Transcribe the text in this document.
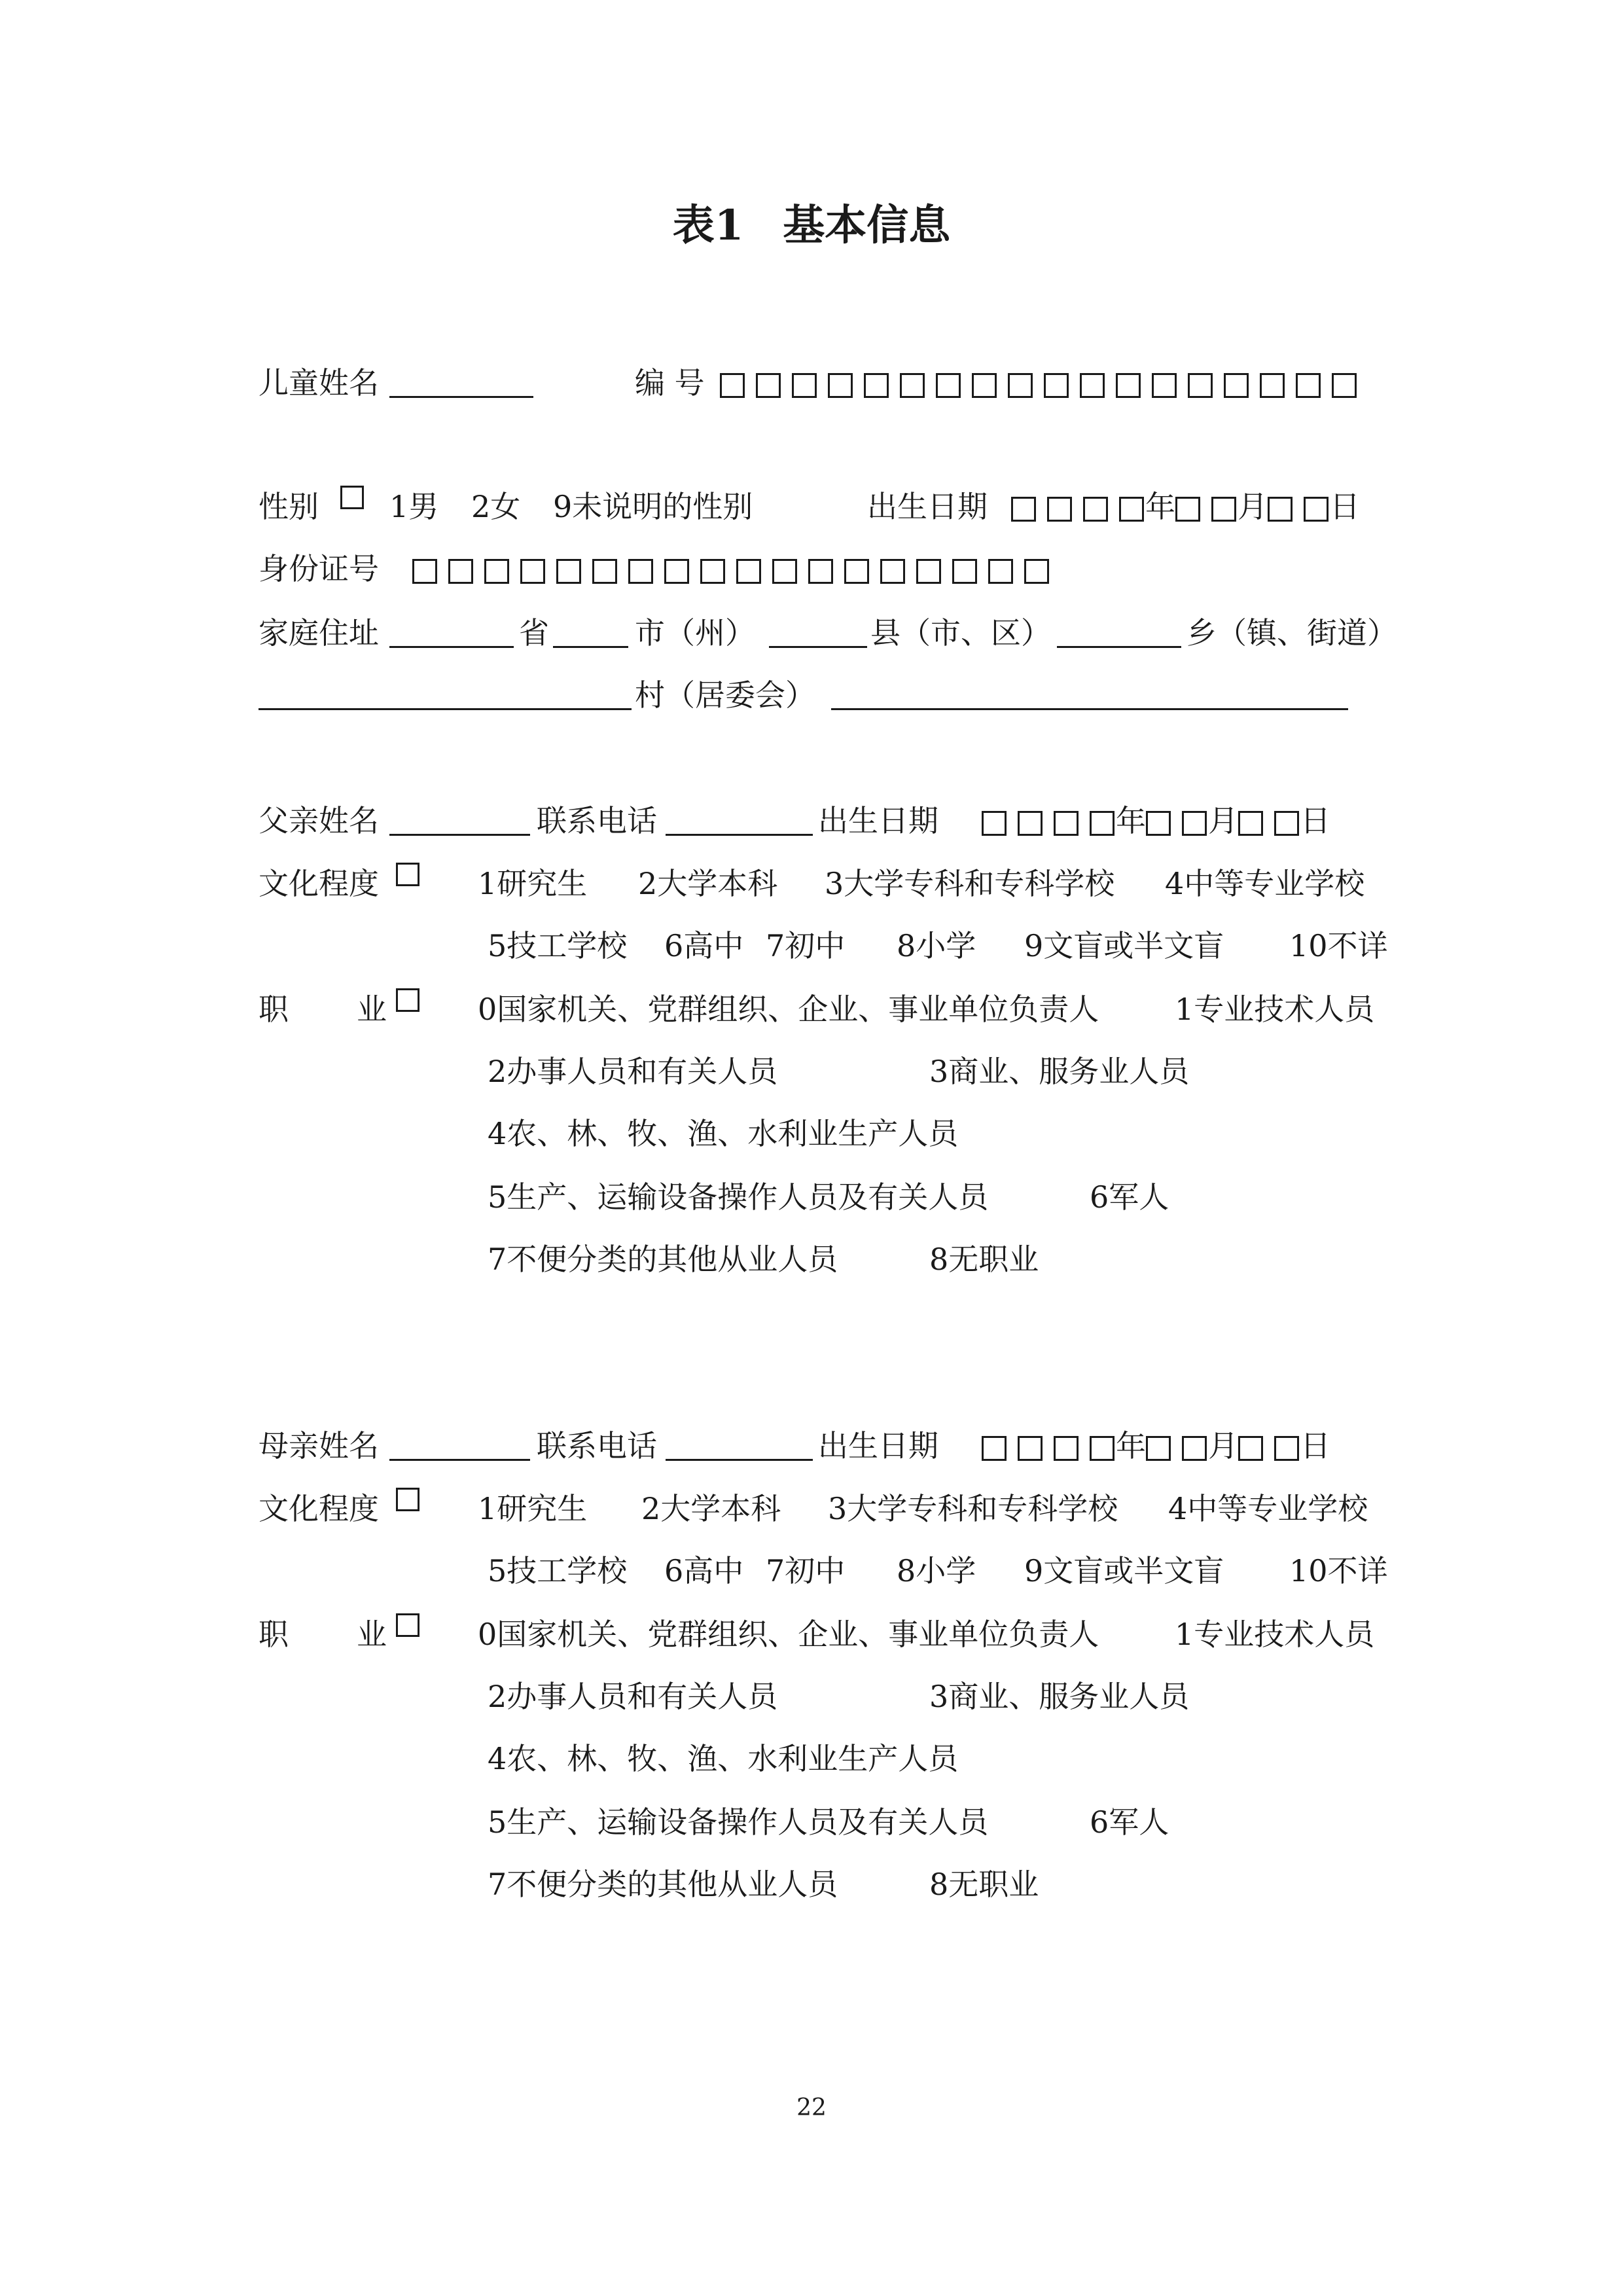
表1 基本信息
儿童姓名	编 号
性别 1男 2女 9未说明的性别	出生日期	年 月 日
身份证号
家庭住址	省	市（州）	县（市、区）	乡（镇、街道）
村（居委会）
父亲姓名	联系电话	出生日期	年 月 日
文化程度	1研究生 2大学本科 3大学专科和专科学校 4中等专业学校
5技工学校 6高中 7初中 8小学 9文盲或半文盲 10不详
职 业	0国家机关、党群组织、企业、事业单位负责人	1专业技术人员
2办事人员和有关人员	3商业、服务业人员
4农、林、牧、渔、水利业生产人员
5生产、运输设备操作人员及有关人员	6军人
7不便分类的其他从业人员	8无职业
母亲姓名	联系电话	出生日期	年 月 日
文化程度	1研究生 2大学本科 3大学专科和专科学校 4中等专业学校
5技工学校 6高中 7初中 8小学 9文盲或半文盲 10不详
职 业	0国家机关、党群组织、企业、事业单位负责人	1专业技术人员
2办事人员和有关人员	3商业、服务业人员
4农、林、牧、渔、水利业生产人员
5生产、运输设备操作人员及有关人员	6军人
7不便分类的其他从业人员	8无职业
22
